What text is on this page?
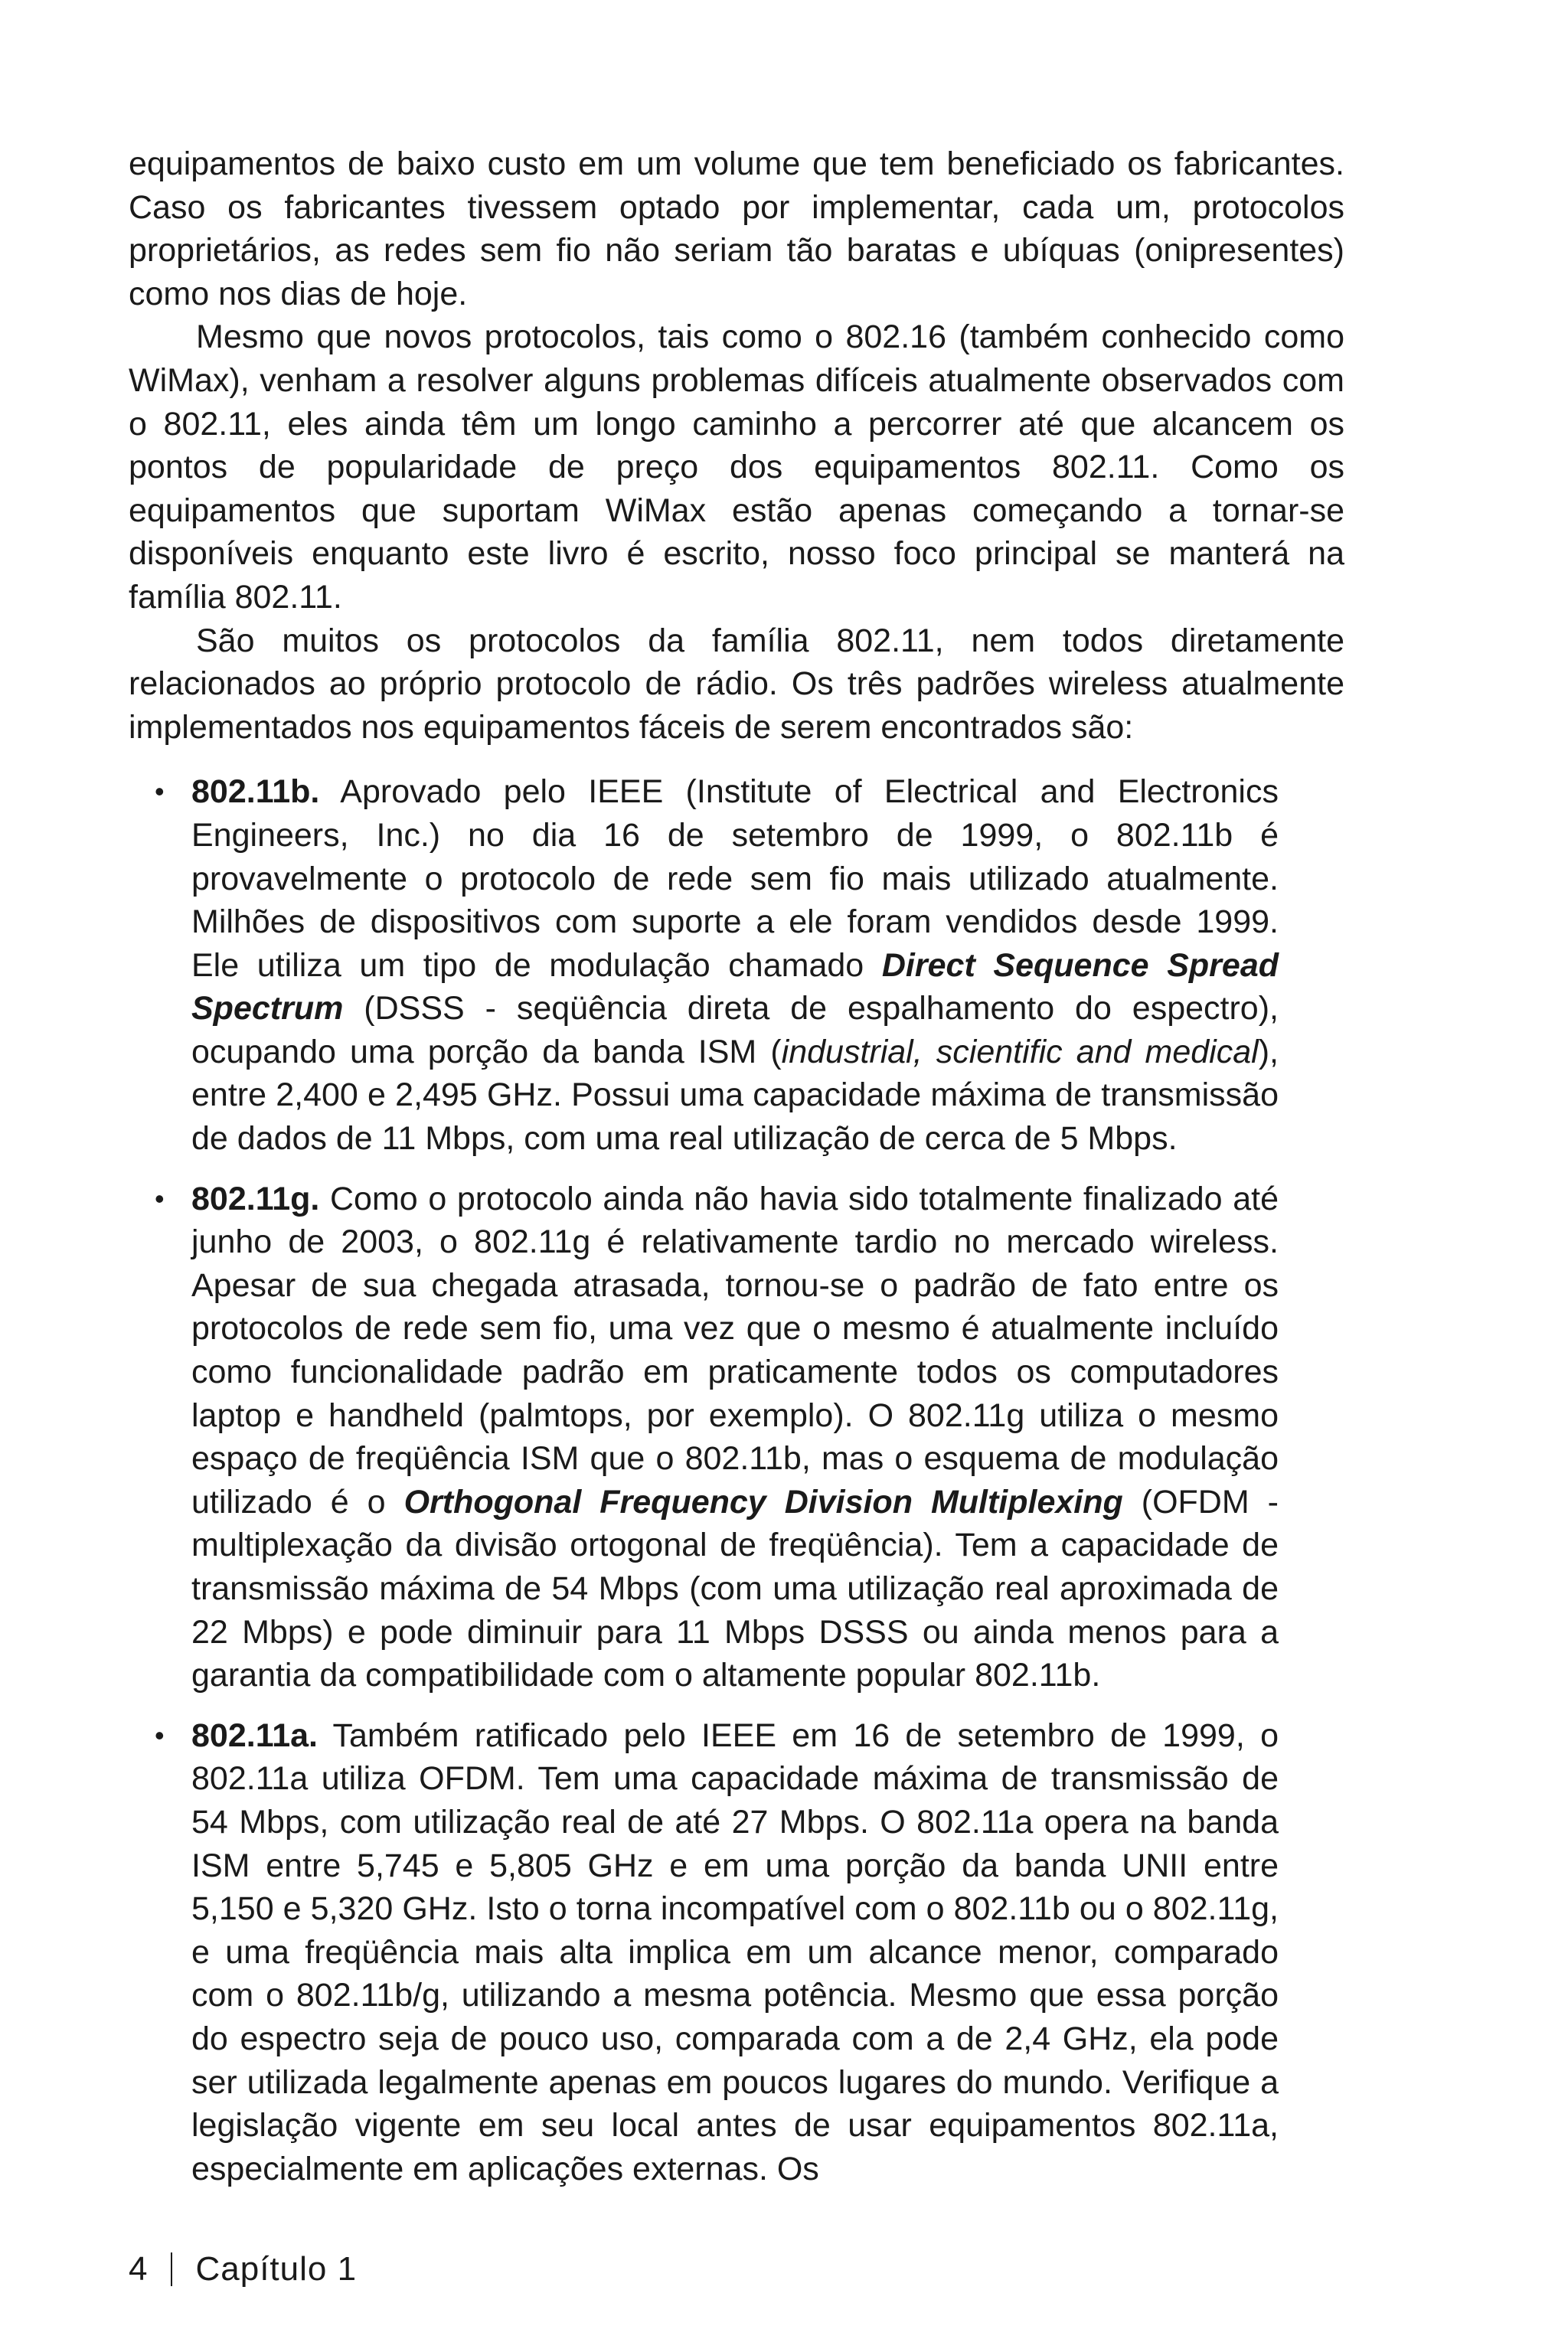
equipamentos de baixo custo em um volume que tem beneficiado os fabricantes. Caso os fabricantes tivessem optado por implementar, cada um, protocolos proprietários, as redes sem fio não seriam tão baratas e ubíquas (onipresentes) como nos dias de hoje.

Mesmo que novos protocolos, tais como o 802.16 (também conhecido como WiMax), venham a resolver alguns problemas difíceis atualmente observados com o 802.11, eles ainda têm um longo caminho a percorrer até que alcancem os pontos de popularidade de preço dos equipamentos 802.11. Como os equipamentos que suportam WiMax estão apenas começando a tornar-se disponíveis enquanto este livro é escrito, nosso foco principal se manterá na família 802.11.

São muitos os protocolos da família 802.11, nem todos diretamente relacionados ao próprio protocolo de rádio. Os três padrões wireless atualmente implementados nos equipamentos fáceis de serem encontrados são:

• 802.11b. Aprovado pelo IEEE (Institute of Electrical and Electronics Engineers, Inc.) no dia 16 de setembro de 1999, o 802.11b é provavelmente o protocolo de rede sem fio mais utilizado atualmente. Milhões de dispositivos com suporte a ele foram vendidos desde 1999. Ele utiliza um tipo de modulação chamado Direct Sequence Spread Spectrum (DSSS - seqüência direta de espalhamento do espectro), ocupando uma porção da banda ISM (industrial, scientific and medical), entre 2,400 e 2,495 GHz. Possui uma capacidade máxima de transmissão de dados de 11 Mbps, com uma real utilização de cerca de 5 Mbps.
• 802.11g. Como o protocolo ainda não havia sido totalmente finalizado até junho de 2003, o 802.11g é relativamente tardio no mercado wireless. Apesar de sua chegada atrasada, tornou-se o padrão de fato entre os protocolos de rede sem fio, uma vez que o mesmo é atualmente incluído como funcionalidade padrão em praticamente todos os computadores laptop e handheld (palmtops, por exemplo). O 802.11g utiliza o mesmo espaço de freqüência ISM que o 802.11b, mas o esquema de modulação utilizado é o Orthogonal Frequency Division Multiplexing (OFDM - multiplexação da divisão ortogonal de freqüência). Tem a capacidade de transmissão máxima de 54 Mbps (com uma utilização real aproximada de 22 Mbps) e pode diminuir para 11 Mbps DSSS ou ainda menos para a garantia da compatibilidade com o altamente popular 802.11b.
• 802.11a. Também ratificado pelo IEEE em 16 de setembro de 1999, o 802.11a utiliza OFDM. Tem uma capacidade máxima de transmissão de 54 Mbps, com utilização real de até 27 Mbps. O 802.11a opera na banda ISM entre 5,745 e 5,805 GHz e em uma porção da banda UNII entre 5,150 e 5,320 GHz. Isto o torna incompatível com o 802.11b ou o 802.11g, e uma freqüência mais alta implica em um alcance menor, comparado com o 802.11b/g, utilizando a mesma potência. Mesmo que essa porção do espectro seja de pouco uso, comparada com a de 2,4 GHz, ela pode ser utilizada legalmente apenas em poucos lugares do mundo. Verifique a legislação vigente em seu local antes de usar equipamentos 802.11a, especialmente em aplicações externas. Os
4 Capítulo 1
